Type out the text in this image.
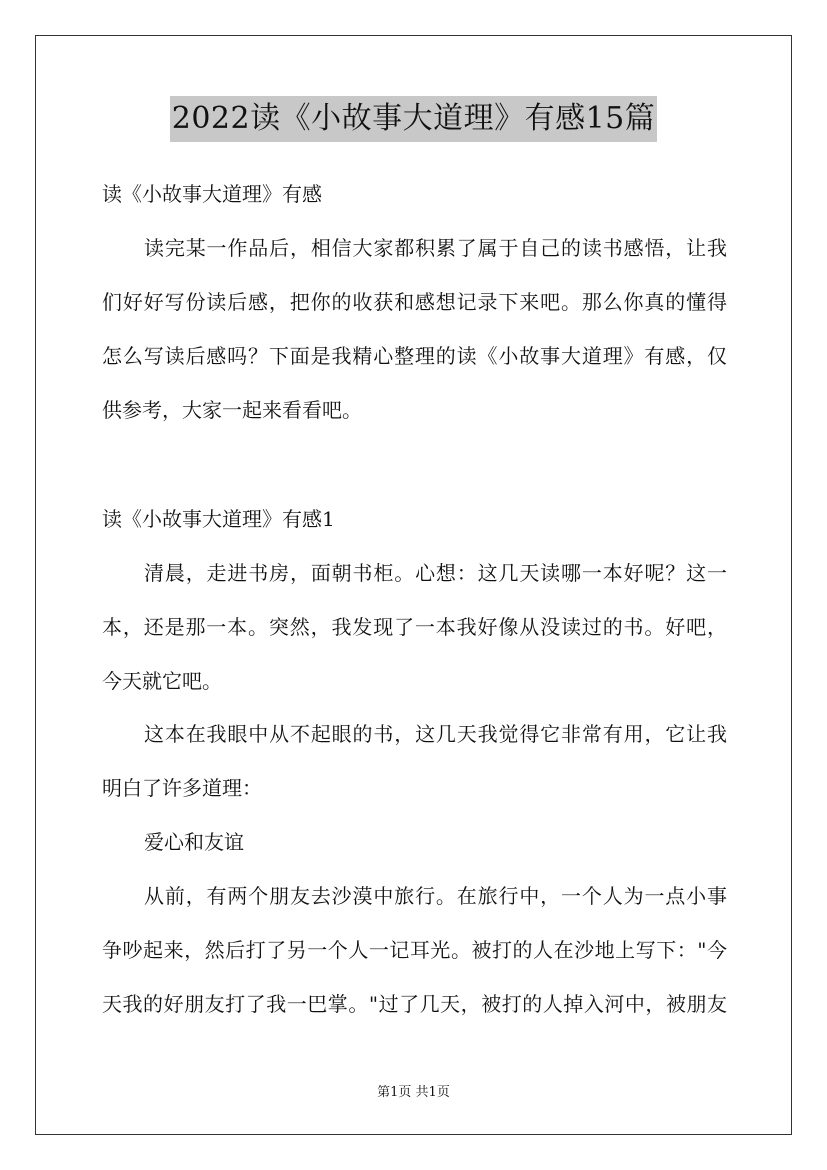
2022读《小故事大道理》有感15篇
读《小故事大道理》有感
读完某一作品后，相信大家都积累了属于自己的读书感悟，让我
们好好写份读后感，把你的收获和感想记录下来吧。那么你真的懂得
怎么写读后感吗？下面是我精心整理的读《小故事大道理》有感，仅
供参考，大家一起来看看吧。
读《小故事大道理》有感1
清晨，走进书房，面朝书柜。心想：这几天读哪一本好呢？这一
本，还是那一本。突然，我发现了一本我好像从没读过的书。好吧，
今天就它吧。
这本在我眼中从不起眼的书，这几天我觉得它非常有用，它让我
明白了许多道理：
爱心和友谊
从前，有两个朋友去沙漠中旅行。在旅行中，一个人为一点小事
争吵起来，然后打了另一个人一记耳光。被打的人在沙地上写下："今
天我的好朋友打了我一巴掌。"过了几天，被打的人掉入河中，被朋友
第1页 共1页
